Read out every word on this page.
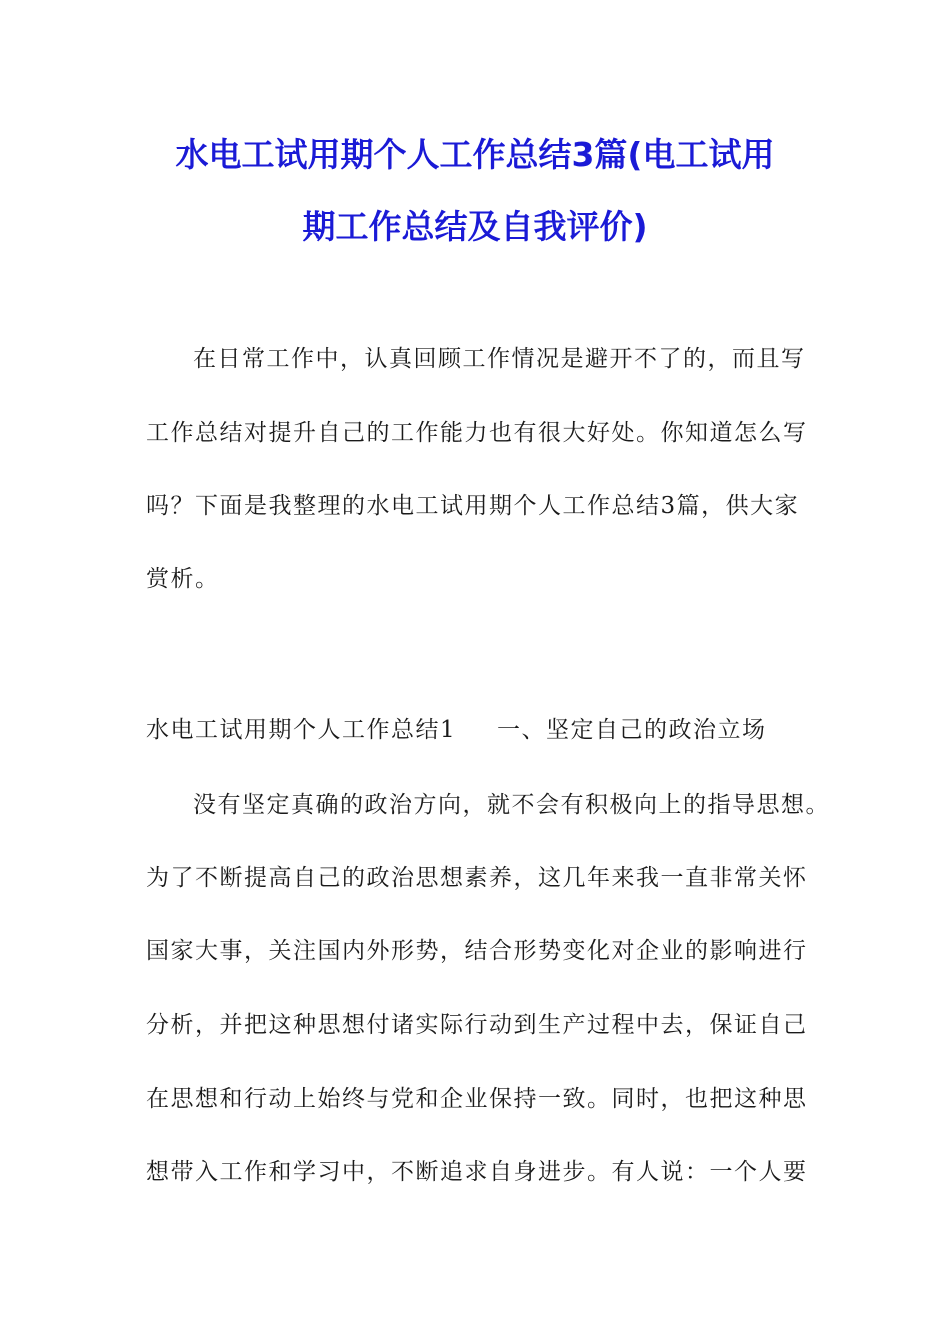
水电工试用期个人工作总结3篇(电工试用
期工作总结及自我评价)
在日常工作中，认真回顾工作情况是避开不了的，而且写
工作总结对提升自己的工作能力也有很大好处。你知道怎么写
吗？下面是我整理的水电工试用期个人工作总结3篇，供大家
赏析。
水电工试用期个人工作总结1 一、坚定自己的政治立场
没有坚定真确的政治方向，就不会有积极向上的指导思想。
为了不断提高自己的政治思想素养，这几年来我一直非常关怀
国家大事，关注国内外形势，结合形势变化对企业的影响进行
分析，并把这种思想付诸实际行动到生产过程中去，保证自己
在思想和行动上始终与党和企业保持一致。同时，也把这种思
想带入工作和学习中，不断追求自身进步。有人说：一个人要
